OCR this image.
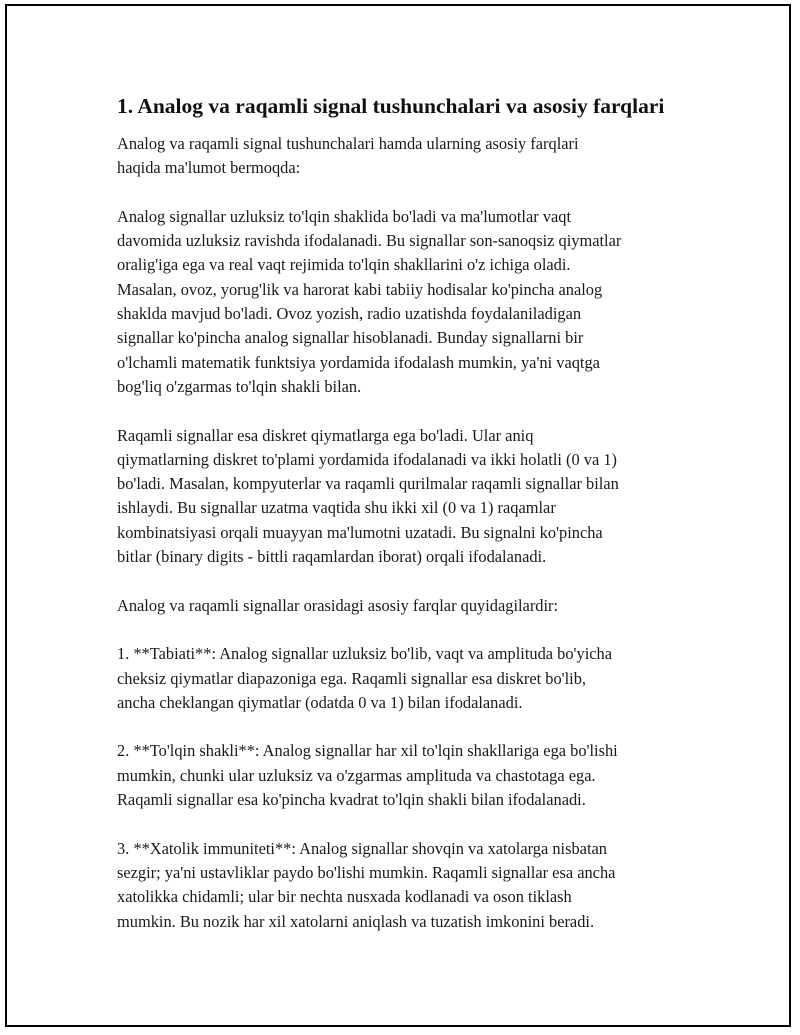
1. Analog va raqamli signal tushunchalari va asosiy farqlari

Analog va raqamli signal tushunchalari hamda ularning asosiy farqlari
haqida ma'lumot bermoqda:

Analog signallar uzluksiz to'lqin shaklida bo'ladi va ma'lumotlar vaqt
davomida uzluksiz ravishda ifodalanadi. Bu signallar son-sanoqsiz qiymatlar
oralig'iga ega va real vaqt rejimida to'lqin shakllarini o'z ichiga oladi.
Masalan, ovoz, yorug'lik va harorat kabi tabiiy hodisalar ko'pincha analog
shaklda mavjud bo'ladi. Ovoz yozish, radio uzatishda foydalaniladigan
signallar ko'pincha analog signallar hisoblanadi. Bunday signallarni bir
o'lchamli matematik funktsiya yordamida ifodalash mumkin, ya'ni vaqtga
bog'liq o'zgarmas to'lqin shakli bilan.

Raqamli signallar esa diskret qiymatlarga ega bo'ladi. Ular aniq
qiymatlarning diskret to'plami yordamida ifodalanadi va ikki holatli (0 va 1)
bo'ladi. Masalan, kompyuterlar va raqamli qurilmalar raqamli signallar bilan
ishlaydi. Bu signallar uzatma vaqtida shu ikki xil (0 va 1) raqamlar
kombinatsiyasi orqali muayyan ma'lumotni uzatadi. Bu signalni ko'pincha
bitlar (binary digits - bittli raqamlardan iborat) orqali ifodalanadi.

Analog va raqamli signallar orasidagi asosiy farqlar quyidagilardir:

1. **Tabiati**: Analog signallar uzluksiz bo'lib, vaqt va amplituda bo'yicha
cheksiz qiymatlar diapazoniga ega. Raqamli signallar esa diskret bo'lib,
ancha cheklangan qiymatlar (odatda 0 va 1) bilan ifodalanadi.

2. **To'lqin shakli**: Analog signallar har xil to'lqin shakllariga ega bo'lishi
mumkin, chunki ular uzluksiz va o'zgarmas amplituda va chastotaga ega.
Raqamli signallar esa ko'pincha kvadrat to'lqin shakli bilan ifodalanadi.

3. **Xatolik immuniteti**: Analog signallar shovqin va xatolarga nisbatan
sezgir; ya'ni ustavliklar paydo bo'lishi mumkin. Raqamli signallar esa ancha
xatolikka chidamli; ular bir nechta nusxada kodlanadi va oson tiklash
mumkin. Bu nozik har xil xatolarni aniqlash va tuzatish imkonini beradi.
